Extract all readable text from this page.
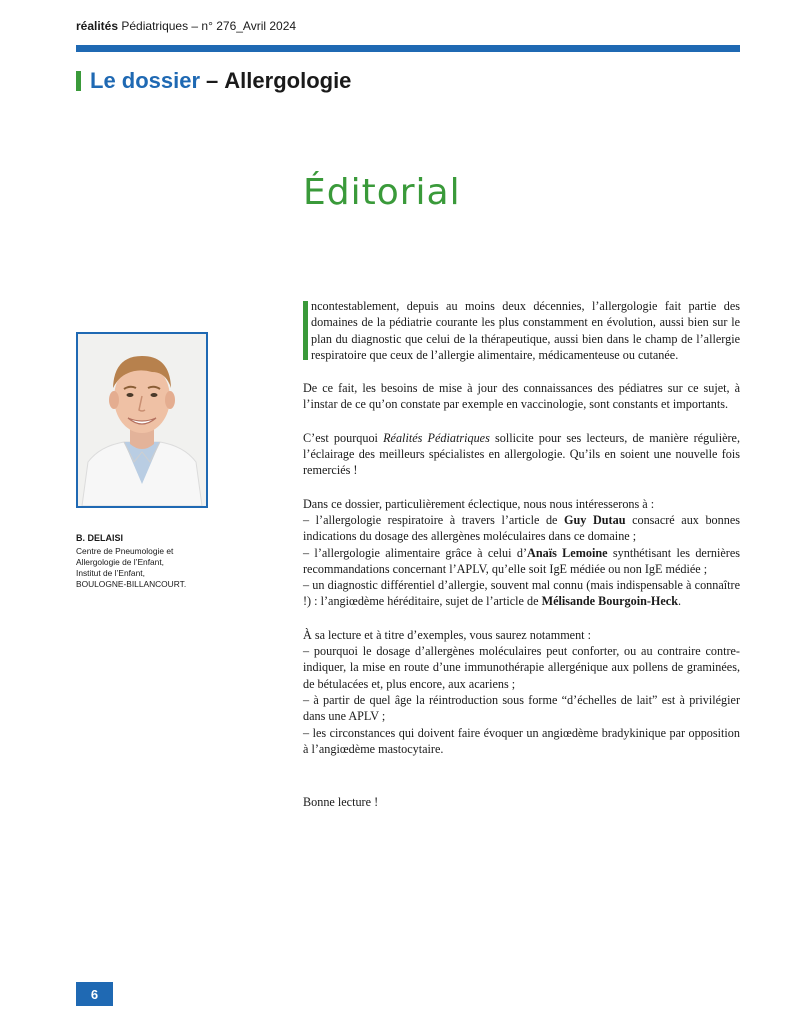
réalités Pédiatriques – n° 276_Avril 2024
Le dossier – Allergologie
Éditorial
B. DELAISI
Centre de Pneumologie et
Allergologie de l’Enfant,
Institut de l’Enfant,
BOULOGNE-BILLANCOURT.

ncontestablement, depuis au moins deux décennies, l’allergologie fait partie des domaines de la pédiatrie courante les plus constamment en évolution, aussi bien sur le plan du diagnostic que celui de la thérapeutique, aussi bien dans le champ de l’allergie respiratoire que ceux de l’allergie alimentaire, médicamenteuse ou cutanée.

De ce fait, les besoins de mise à jour des connaissances des pédiatres sur ce sujet, à l’instar de ce qu’on constate par exemple en vaccinologie, sont constants et importants.

C’est pourquoi Réalités Pédiatriques sollicite pour ses lecteurs, de manière régulière, l’éclairage des meilleurs spécialistes en allergologie. Qu’ils en soient une nouvelle fois remerciés !

Dans ce dossier, particulièrement éclectique, nous nous intéresserons à :

– l’allergologie respiratoire à travers l’article de Guy Dutau consacré aux bonnes indications du dosage des allergènes moléculaires dans ce domaine ;

– l’allergologie alimentaire grâce à celui d’Anaïs Lemoine synthétisant les dernières recommandations concernant l’APLV, qu’elle soit IgE médiée ou non IgE médiée ;

– un diagnostic différentiel d’allergie, souvent mal connu (mais indispensable à connaître !) : l’angiœdème héréditaire, sujet de l’article de Mélisande Bourgoin-Heck.

À sa lecture et à titre d’exemples, vous saurez notamment :

– pourquoi le dosage d’allergènes moléculaires peut conforter, ou au contraire contre-indiquer, la mise en route d’une immunothérapie allergénique aux pollens de graminées, de bétulacées et, plus encore, aux acariens ;

– à partir de quel âge la réintroduction sous forme “d’échelles de lait” est à privilégier dans une APLV ;

– les circonstances qui doivent faire évoquer un angiœdème bradykinique par opposition à l’angiœdème mastocytaire.

Bonne lecture !

6
